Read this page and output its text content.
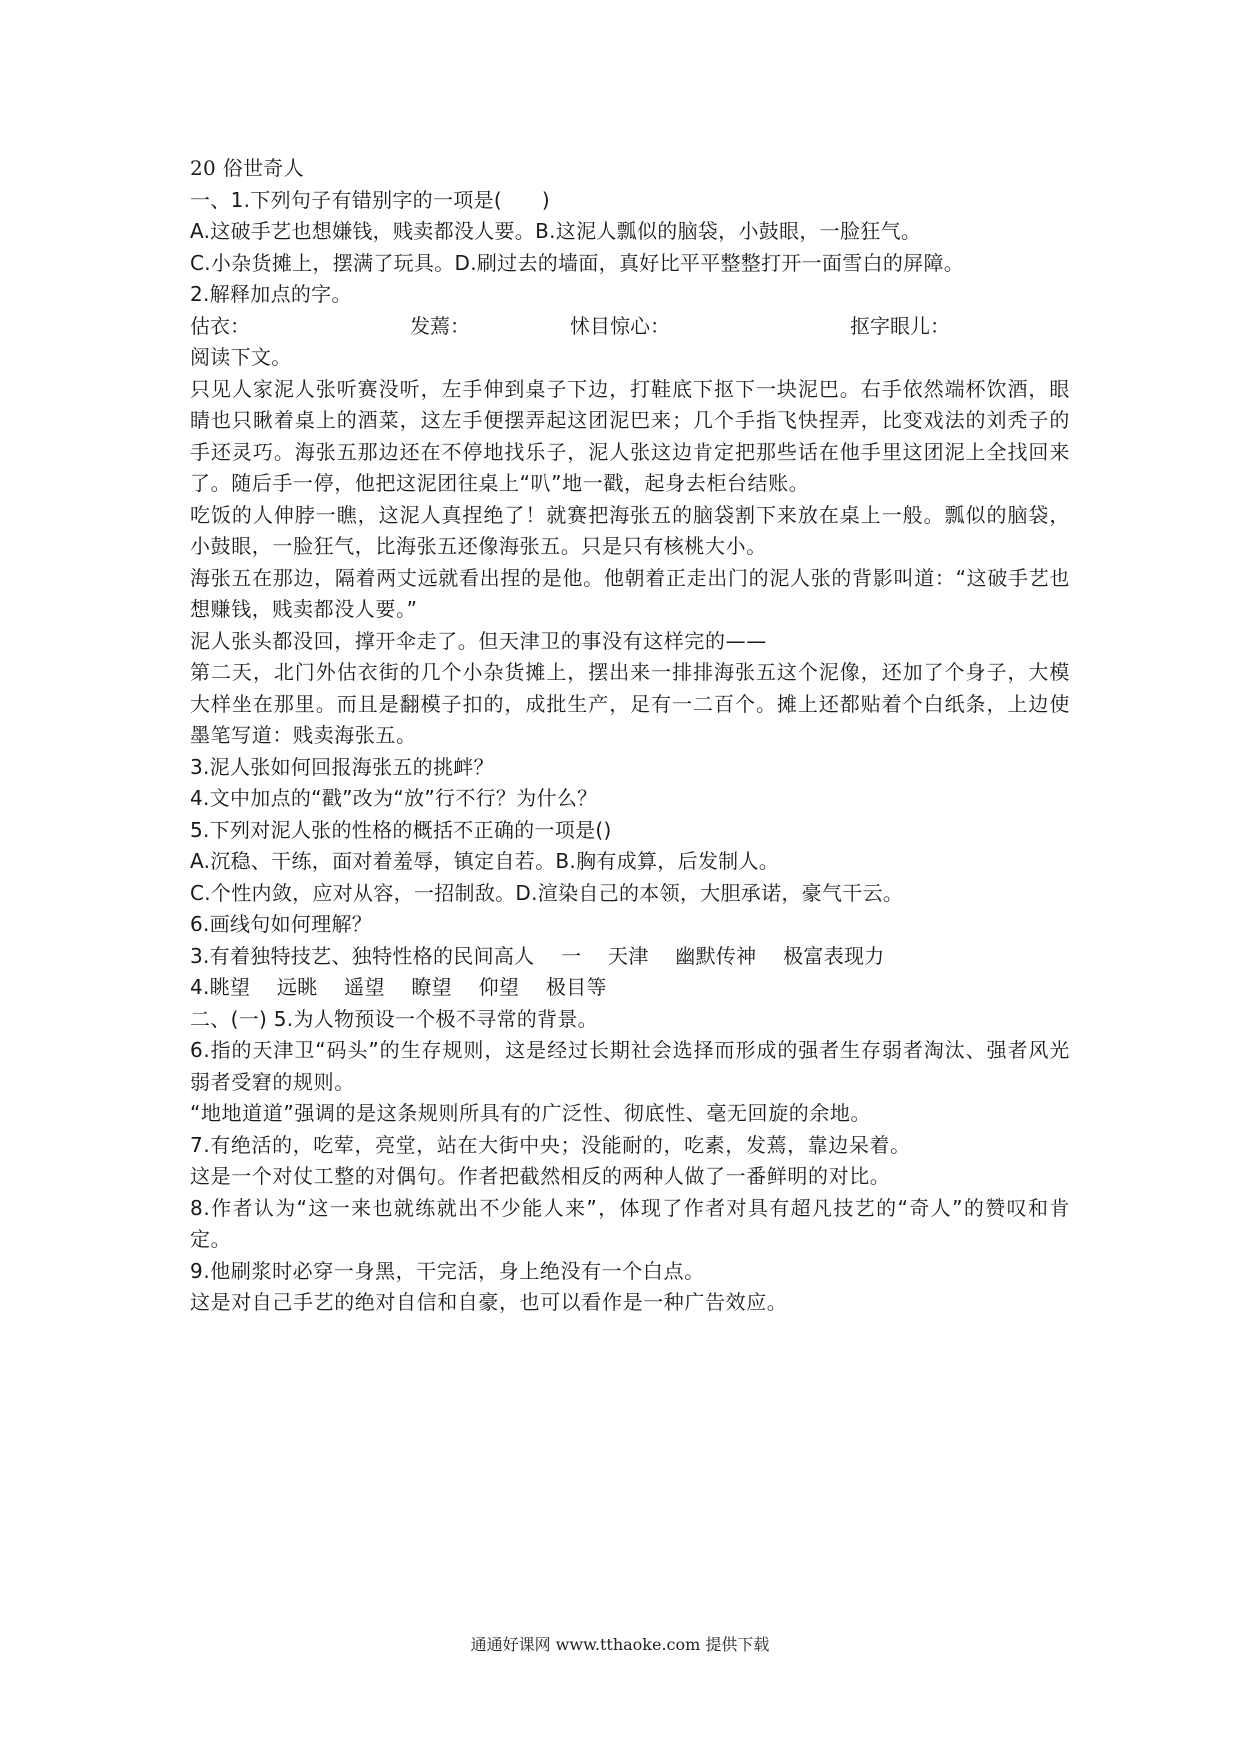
20 俗世奇人
一、1.下列句子有错别字的一项是(      )
A.这破手艺也想嫌钱，贱卖都没人要。B.这泥人瓢似的脑袋，小鼓眼，一脸狂气。
C.小杂货摊上，摆满了玩具。D.刷过去的墙面，真好比平平整整打开一面雪白的屏障。
2.解释加点的字。
估衣：	发蔫：	怵目惊心：	抠字眼儿：
阅读下文。
只见人家泥人张听赛没听，左手伸到桌子下边，打鞋底下抠下一块泥巴。右手依然端杯饮酒，眼睛也只瞅着桌上的酒菜，这左手便摆弄起这团泥巴来；几个手指飞快捏弄，比变戏法的刘秃子的手还灵巧。海张五那边还在不停地找乐子，泥人张这边肯定把那些话在他手里这团泥上全找回来了。随后手一停，他把这泥团往桌上“叭”地一戳，起身去柜台结账。
吃饭的人伸脖一瞧，这泥人真捏绝了！就赛把海张五的脑袋割下来放在桌上一般。瓢似的脑袋，小鼓眼，一脸狂气，比海张五还像海张五。只是只有核桃大小。
海张五在那边，隔着两丈远就看出捏的是他。他朝着正走出门的泥人张的背影叫道：“这破手艺也想赚钱，贱卖都没人要。”
泥人张头都没回，撑开伞走了。但天津卫的事没有这样完的——
第二天，北门外估衣街的几个小杂货摊上，摆出来一排排海张五这个泥像，还加了个身子，大模大样坐在那里。而且是翻模子扣的，成批生产，足有一二百个。摊上还都贴着个白纸条，上边使墨笔写道：贱卖海张五。
3.泥人张如何回报海张五的挑衅？
4.文中加点的“戳”改为“放”行不行？为什么？
5.下列对泥人张的性格的概括不正确的一项是()
A.沉稳、干练，面对着羞辱，镇定自若。B.胸有成算，后发制人。
C.个性内敛，应对从容，一招制敌。D.渲染自己的本领，大胆承诺，豪气干云。
6.画线句如何理解？
3.有着独特技艺、独特性格的民间高人    一    天津    幽默传神    极富表现力
4.眺望    远眺    遥望    瞭望    仰望    极目等
二、(一) 5.为人物预设一个极不寻常的背景。
6.指的天津卫“码头”的生存规则，这是经过长期社会选择而形成的强者生存弱者淘汰、强者风光弱者受窘的规则。
“地地道道”强调的是这条规则所具有的广泛性、彻底性、毫无回旋的余地。
7.有绝活的，吃荤，亮堂，站在大街中央；没能耐的，吃素，发蔫，靠边呆着。
这是一个对仗工整的对偶句。作者把截然相反的两种人做了一番鲜明的对比。
8.作者认为“这一来也就练就出不少能人来”，体现了作者对具有超凡技艺的“奇人”的赞叹和肯定。
9.他刷浆时必穿一身黑，干完活，身上绝没有一个白点。
这是对自己手艺的绝对自信和自豪，也可以看作是一种广告效应。
通通好课网 www.tthaoke.com 提供下载
